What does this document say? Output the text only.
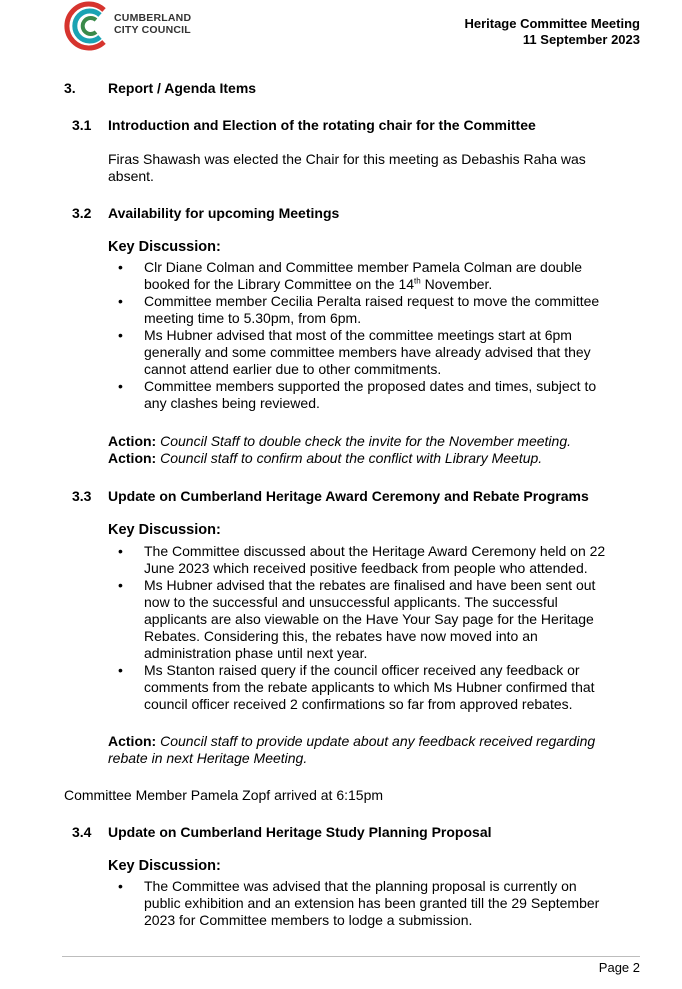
CUMBERLAND
CITY COUNCIL	Heritage Committee Meeting
11 September 2023
3. Report / Agenda Items
3.1 Introduction and Election of the rotating chair for the Committee
Firas Shawash was elected the Chair for this meeting as Debashis Raha was
absent.
3.2 Availability for upcoming Meetings
Key Discussion:
• Clr Diane Colman and Committee member Pamela Colman are double
booked for the Library Committee on the 14th November.
• Committee member Cecilia Peralta raised request to move the committee
meeting time to 5.30pm, from 6pm.
• Ms Hubner advised that most of the committee meetings start at 6pm
generally and some committee members have already advised that they
cannot attend earlier due to other commitments.
• Committee members supported the proposed dates and times, subject to
any clashes being reviewed.
Action: Council Staff to double check the invite for the November meeting.
Action: Council staff to confirm about the conflict with Library Meetup.
3.3 Update on Cumberland Heritage Award Ceremony and Rebate Programs
Key Discussion:
• The Committee discussed about the Heritage Award Ceremony held on 22
June 2023 which received positive feedback from people who attended.
• Ms Hubner advised that the rebates are finalised and have been sent out
now to the successful and unsuccessful applicants. The successful
applicants are also viewable on the Have Your Say page for the Heritage
Rebates. Considering this, the rebates have now moved into an
administration phase until next year.
• Ms Stanton raised query if the council officer received any feedback or
comments from the rebate applicants to which Ms Hubner confirmed that
council officer received 2 confirmations so far from approved rebates.
Action: Council staff to provide update about any feedback received regarding
rebate in next Heritage Meeting.
Committee Member Pamela Zopf arrived at 6:15pm
3.4 Update on Cumberland Heritage Study Planning Proposal
Key Discussion:
• The Committee was advised that the planning proposal is currently on
public exhibition and an extension has been granted till the 29 September
2023 for Committee members to lodge a submission.
Page 2
